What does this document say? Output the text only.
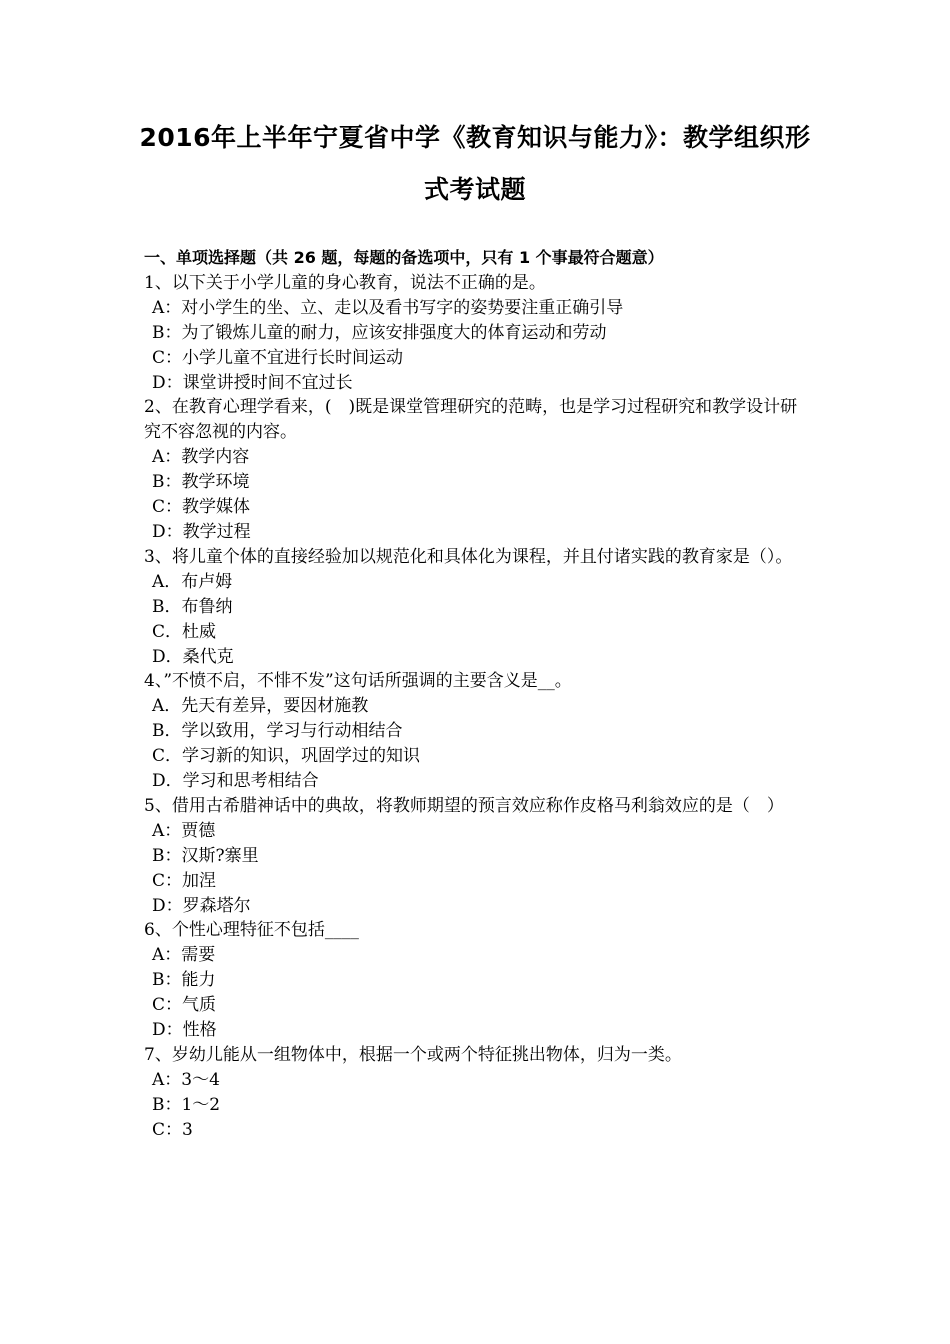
2016年上半年宁夏省中学《教育知识与能力》：教学组织形
式考试题
一、单项选择题（共 26 题，每题的备选项中，只有 1 个事最符合题意）
1、以下关于小学儿童的身心教育，说法不正确的是。
A：对小学生的坐、立、走以及看书写字的姿势要注重正确引导
B：为了锻炼儿童的耐力，应该安排强度大的体育运动和劳动
C：小学儿童不宜进行长时间运动
D：课堂讲授时间不宜过长
2、在教育心理学看来，(　)既是课堂管理研究的范畴，也是学习过程研究和教学设计研究不容忽视的内容。
A：教学内容
B：教学环境
C：教学媒体
D：教学过程
3、将儿童个体的直接经验加以规范化和具体化为课程，并且付诸实践的教育家是（）。
A．布卢姆
B．布鲁纳
C．杜威
D．桑代克
4、”不愤不启，不悱不发”这句话所强调的主要含义是__。
A．先天有差异，要因材施教
B．学以致用，学习与行动相结合
C．学习新的知识，巩固学过的知识
D．学习和思考相结合
5、借用古希腊神话中的典故，将教师期望的预言效应称作皮格马利翁效应的是（　）
A：贾德
B：汉斯?寨里
C：加涅
D：罗森塔尔
6、个性心理特征不包括____
A：需要
B：能力
C：气质
D：性格
7、岁幼儿能从一组物体中，根据一个或两个特征挑出物体，归为一类。
A：3～4
B：1～2
C：3
